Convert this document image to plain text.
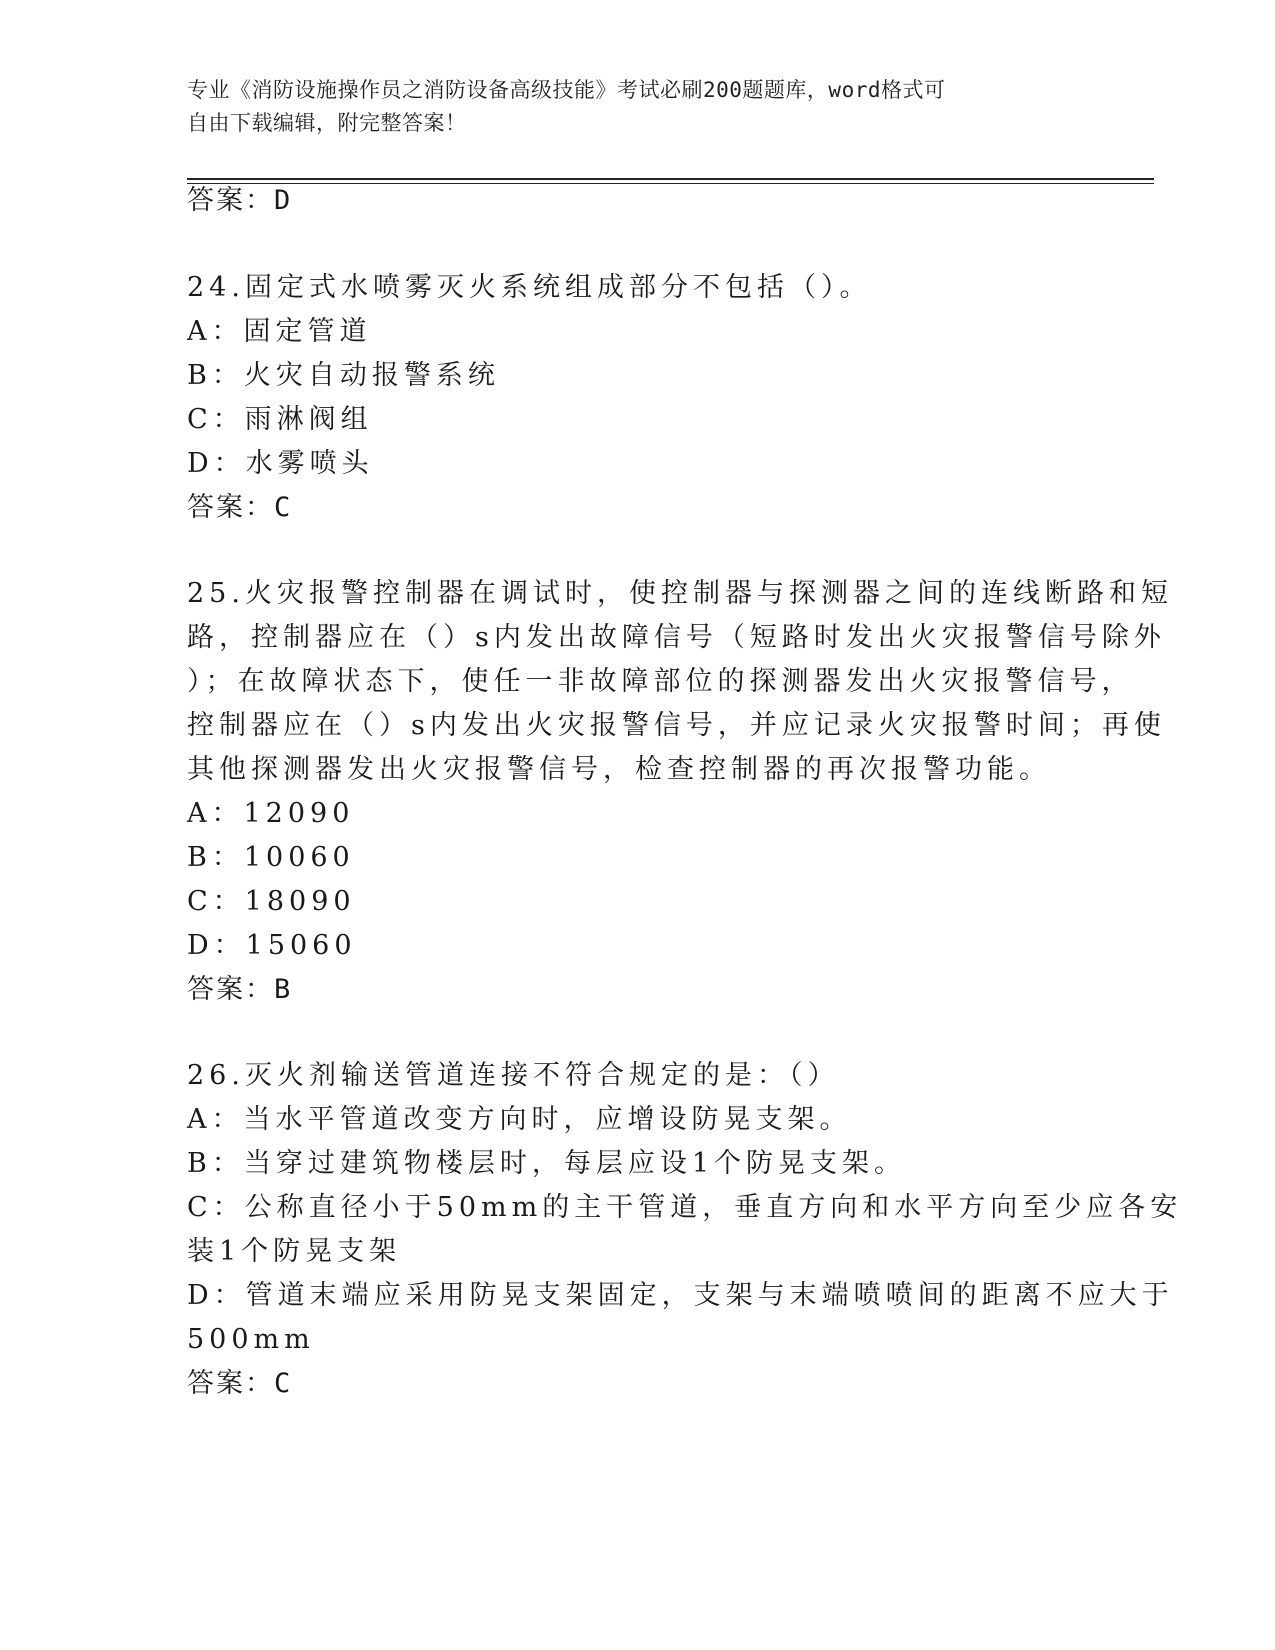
专业《消防设施操作员之消防设备高级技能》考试必刷200题题库，word格式可
自由下载编辑，附完整答案！
答案：D
24.固定式水喷雾灭火系统组成部分不包括（）。
A：固定管道
B：火灾自动报警系统
C：雨淋阀组
D：水雾喷头
答案：C
25.火灾报警控制器在调试时，使控制器与探测器之间的连线断路和短
路，控制器应在（）s内发出故障信号（短路时发出火灾报警信号除外
）；在故障状态下，使任一非故障部位的探测器发出火灾报警信号，
控制器应在（）s内发出火灾报警信号，并应记录火灾报警时间；再使
其他探测器发出火灾报警信号，检查控制器的再次报警功能。
A：12090
B：10060
C：18090
D：15060
答案：B
26.灭火剂输送管道连接不符合规定的是：（）
A：当水平管道改变方向时，应增设防晃支架。
B：当穿过建筑物楼层时，每层应设1个防晃支架。
C：公称直径小于50mm的主干管道，垂直方向和水平方向至少应各安
装1个防晃支架
D：管道末端应采用防晃支架固定，支架与末端喷喷间的距离不应大于
500mm
答案：C
